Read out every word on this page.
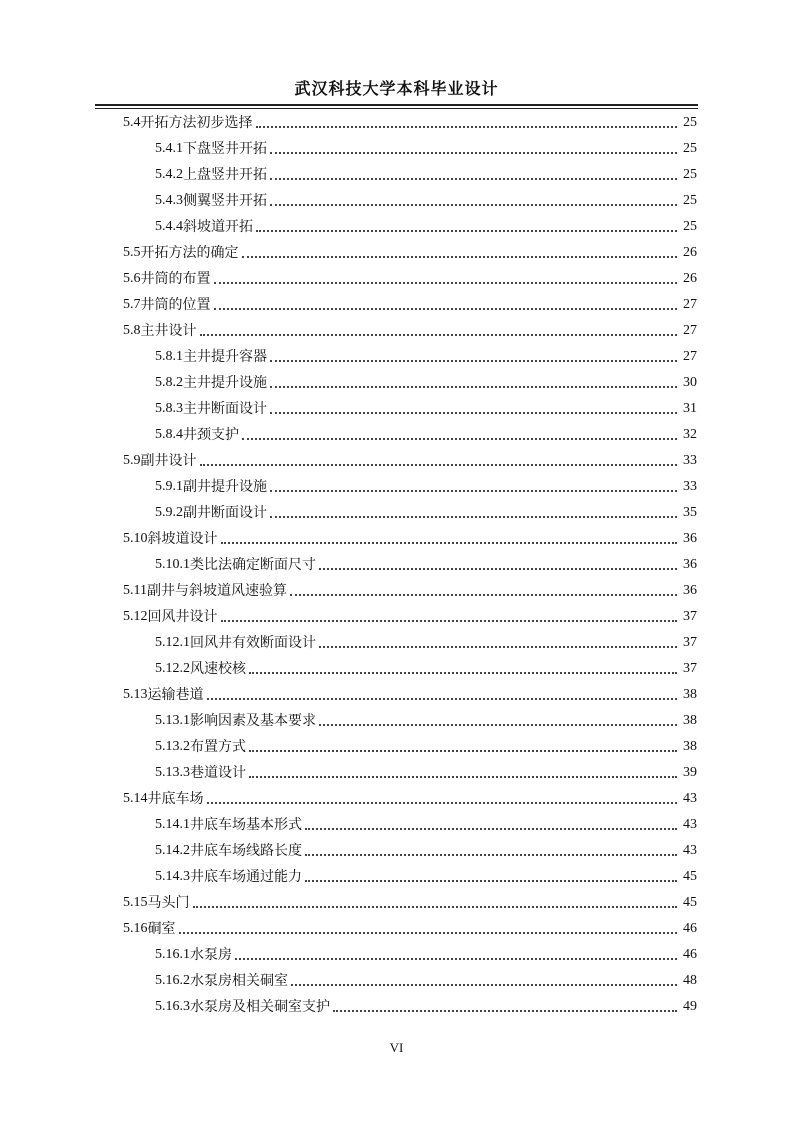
武汉科技大学本科毕业设计
5.4 开拓方法初步选择	25
5.4.1 下盘竖井开拓	25
5.4.2 上盘竖井开拓	25
5.4.3 侧翼竖井开拓	25
5.4.4 斜坡道开拓	25
5.5 开拓方法的确定	26
5.6 井筒的布置	26
5.7 井筒的位置	27
5.8 主井设计	27
5.8.1 主井提升容器	27
5.8.2 主井提升设施	30
5.8.3 主井断面设计	31
5.8.4 井颈支护	32
5.9 副井设计	33
5.9.1 副井提升设施	33
5.9.2 副井断面设计	35
5.10 斜坡道设计	36
5.10.1 类比法确定断面尺寸	36
5.11 副井与斜坡道风速验算	36
5.12 回风井设计	37
5.12.1 回风井有效断面设计	37
5.12.2 风速校核	37
5.13 运输巷道	38
5.13.1 影响因素及基本要求	38
5.13.2 布置方式	38
5.13.3 巷道设计	39
5.14 井底车场	43
5.14.1 井底车场基本形式	43
5.14.2 井底车场线路长度	43
5.14.3 井底车场通过能力	45
5.15 马头门	45
5.16 硐室	46
5.16.1 水泵房	46
5.16.2 水泵房相关硐室	48
5.16.3 水泵房及相关硐室支护	49
VI
